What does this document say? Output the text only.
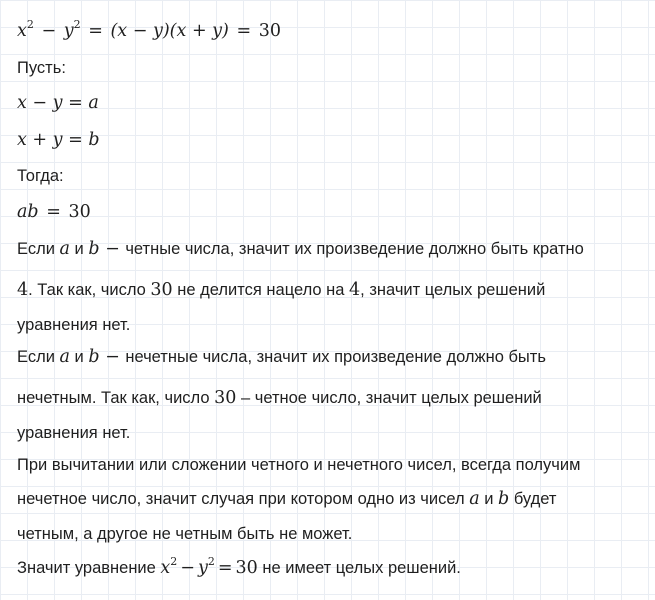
$x^2 - y^2 = (x - y)(x + y) = 30$
Пусть:
x − y = a
x + y = b
Тогда:
ab = 30
Если a и b − четные числа, значит их произведение должно быть кратно
4. Так как, число 30 не делится нацело на 4, значит целых решений
уравнения нет.
Если a и b − нечетные числа, значит их произведение должно быть
нечетным. Так как, число 30 – четное число, значит целых решений
уравнения нет.
При вычитании или сложении четного и нечетного чисел, всегда получим
нечетное число, значит случая при котором одно из чисел a и b будет
четным, а другое не четным быть не может.
Значит уравнение $x^2 - y^2 = 30$ не имеет целых решений.
